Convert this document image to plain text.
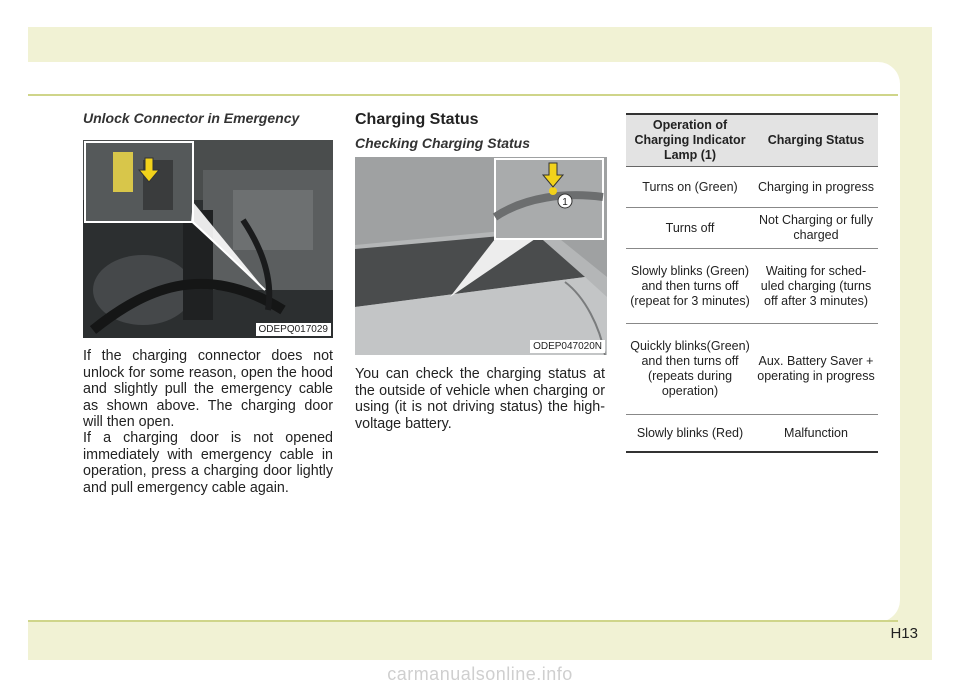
Unlock Connector in Emergency
ODEPQ017029
If the charging connector does not unlock for some reason, open the hood and slightly pull the emergency cable as shown above. The charging door will then open.
If a charging door is not opened immediately with emergency cable in operation, press a charging door lightly and pull emergency cable again.
Charging Status
Checking Charging Status
1
ODEP047020N
You can check the charging status at the outside of vehicle when charging or using (it is not driving status) the high-voltage battery.
Operation of Charging Indicator Lamp (1)	Charging Status
Turns on (Green)	Charging in progress
Turns off	Not Charging or fully charged
Slowly blinks (Green) and then turns off (repeat for 3 minutes)	Waiting for sched-uled charging (turns off after 3 minutes)
Quickly blinks(Green) and then turns off (repeats during operation)	Aux. Battery Saver + operating in progress
Slowly blinks (Red)	Malfunction
H13
carmanualsonline.info
